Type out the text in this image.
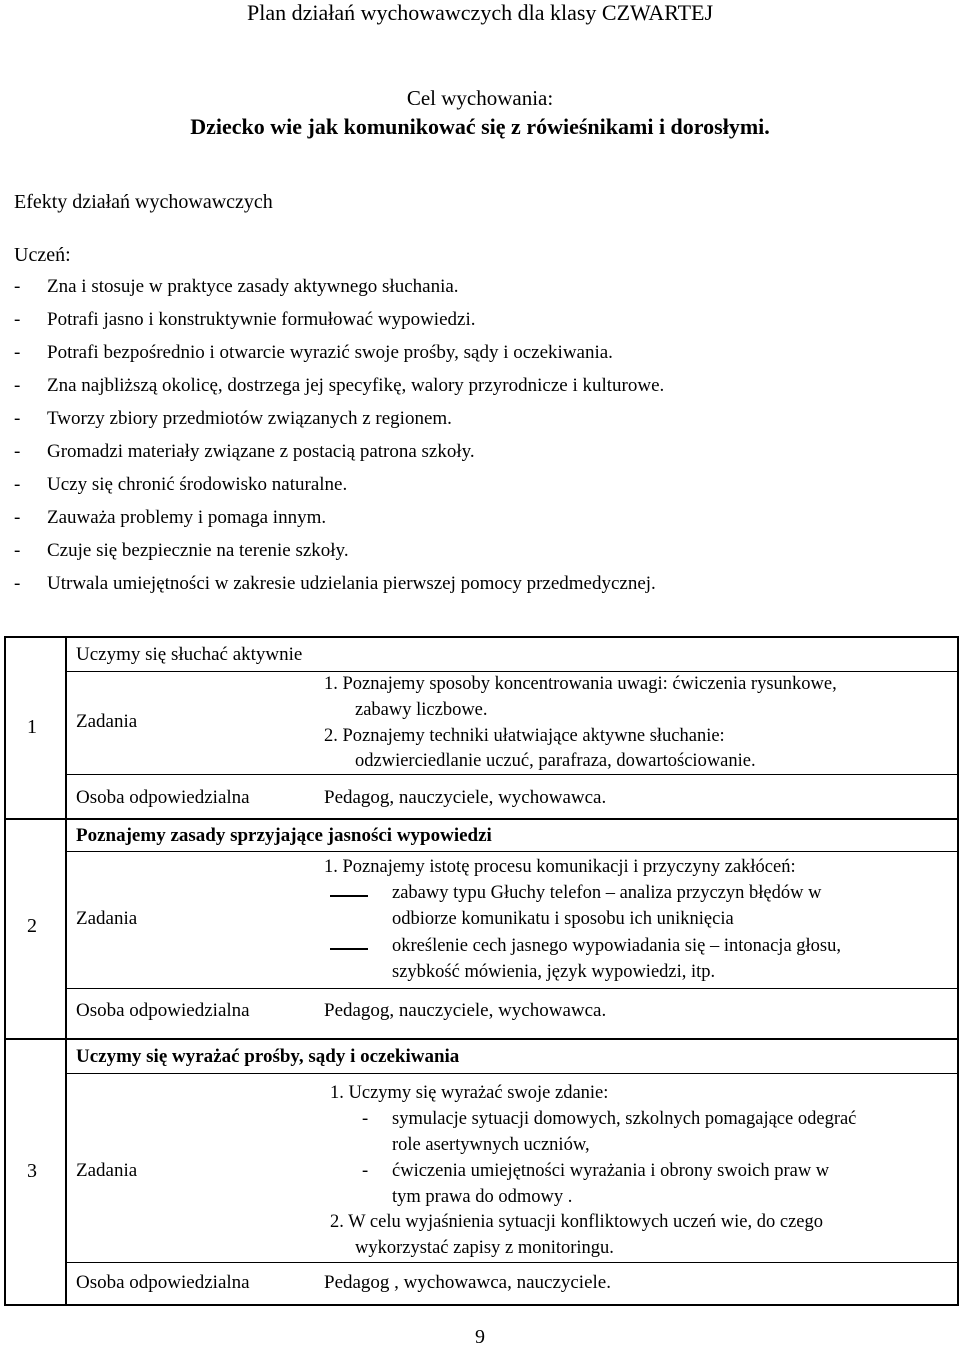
Plan działań wychowawczych dla klasy CZWARTEJ
Cel wychowania:
Dziecko wie jak komunikować się z rówieśnikami i dorosłymi.
Efekty działań wychowawczych
Uczeń:
- Zna i stosuje w praktyce zasady aktywnego słuchania.
- Potrafi jasno i konstruktywnie formułować wypowiedzi.
- Potrafi bezpośrednio i otwarcie wyrazić swoje prośby, sądy i oczekiwania.
- Zna najbliższą okolicę, dostrzega jej specyfikę, walory przyrodnicze i kulturowe.
- Tworzy zbiory przedmiotów związanych z regionem.
- Gromadzi materiały związane z postacią patrona szkoły.
- Uczy się chronić środowisko naturalne.
- Zauważa problemy i pomaga innym.
- Czuje się bezpiecznie na terenie szkoły.
- Utrwala umiejętności w zakresie udzielania pierwszej pomocy przedmedycznej.
1
Uczymy się słuchać aktywnie
Zadania
1. Poznajemy sposoby koncentrowania uwagi: ćwiczenia rysunkowe,
zabawy liczbowe.
2. Poznajemy techniki ułatwiające aktywne słuchanie:
odzwierciedlanie uczuć, parafraza, dowartościowanie.
Osoba odpowiedzialna	Pedagog, nauczyciele, wychowawca.
2
Poznajemy zasady sprzyjające jasności wypowiedzi
Zadania
1. Poznajemy istotę procesu komunikacji i przyczyny zakłóceń:
zabawy typu Głuchy telefon – analiza przyczyn błędów w
odbiorze komunikatu i sposobu ich uniknięcia
określenie cech jasnego wypowiadania się – intonacja głosu,
szybkość mówienia, język wypowiedzi, itp.
Osoba odpowiedzialna	Pedagog, nauczyciele, wychowawca.
3
Uczymy się wyrażać prośby, sądy i oczekiwania
Zadania
1. Uczymy się wyrażać swoje zdanie:
- symulacje sytuacji domowych, szkolnych pomagające odegrać
role asertywnych uczniów,
- ćwiczenia umiejętności wyrażania i obrony swoich praw w
tym prawa do odmowy .
2. W celu wyjaśnienia sytuacji konfliktowych uczeń wie, do czego
wykorzystać zapisy z monitoringu.
Osoba odpowiedzialna	Pedagog , wychowawca, nauczyciele.
9
